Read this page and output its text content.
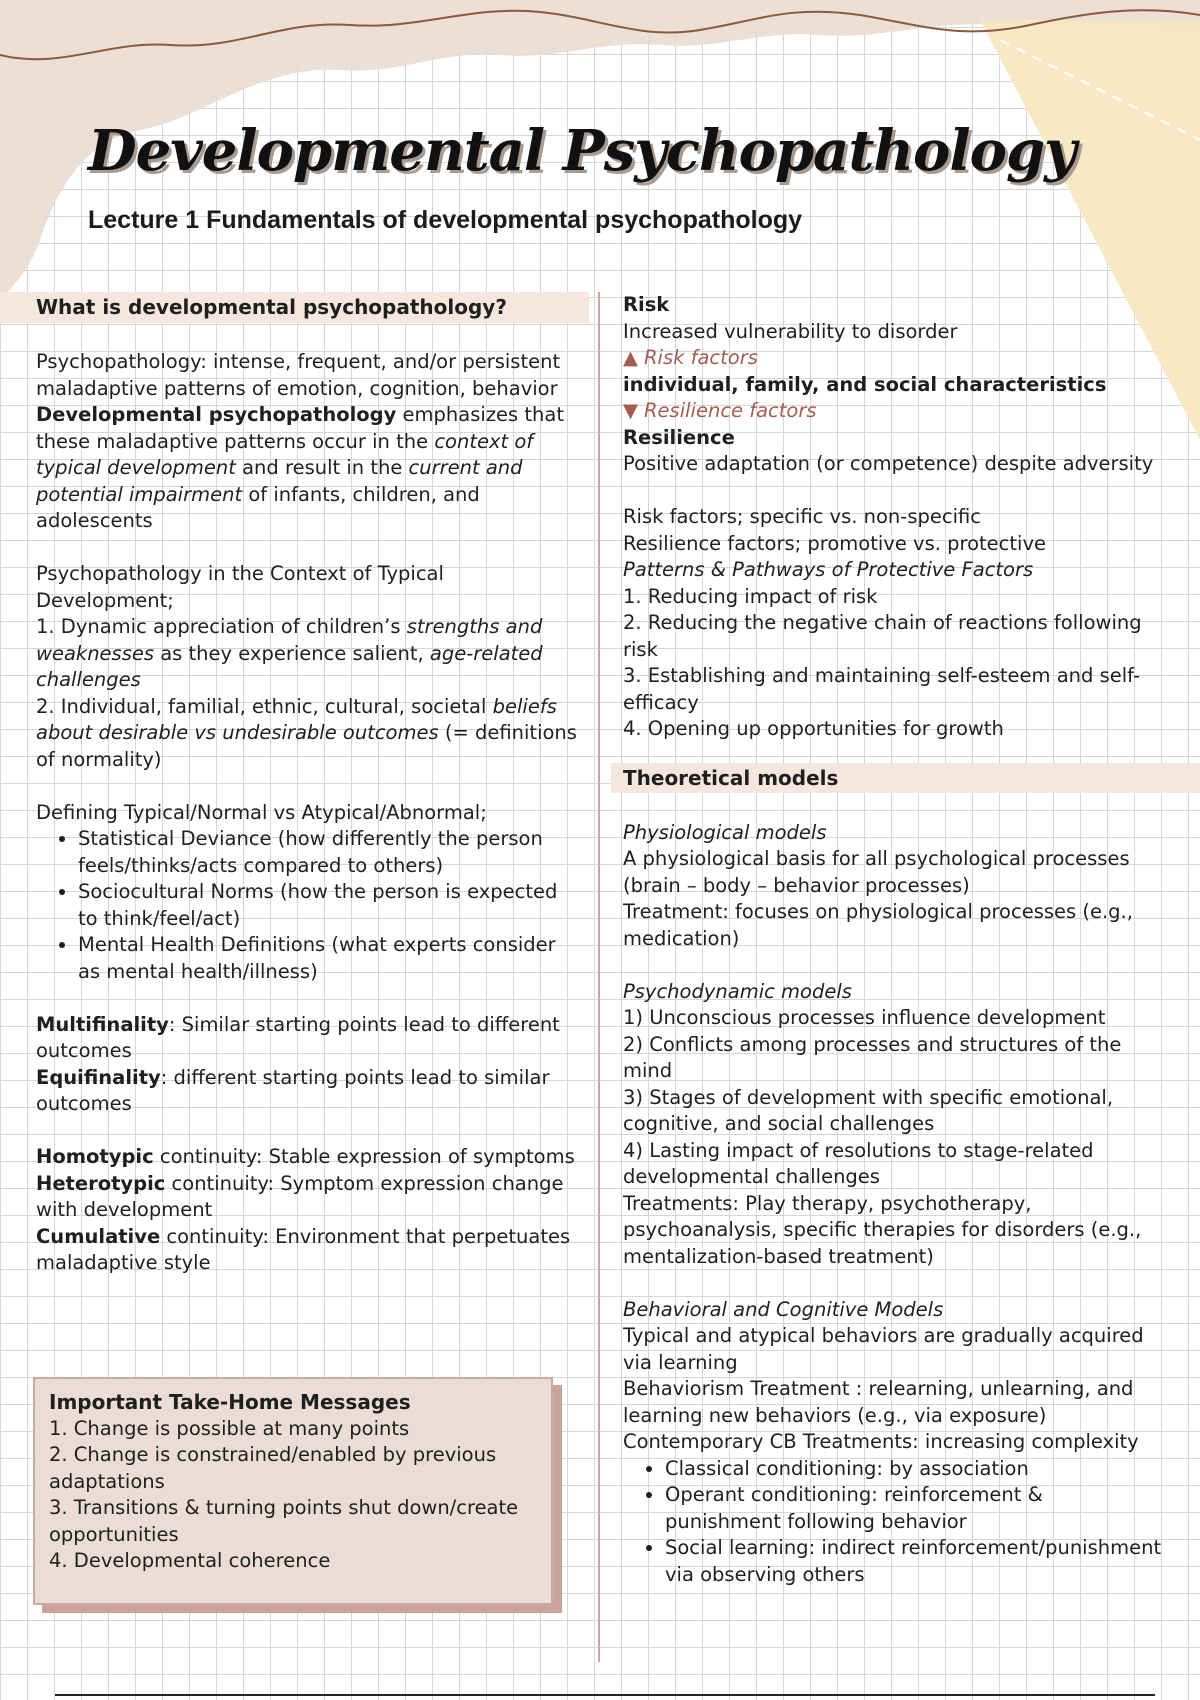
Developmental Psychopathology
Lecture 1 Fundamentals of developmental psychopathology

What is developmental psychopathology?

Psychopathology: intense, frequent, and/or persistent maladaptive patterns of emotion, cognition, behavior

Developmental psychopathology emphasizes that these maladaptive patterns occur in the context of typical development and result in the current and potential impairment of infants, children, and adolescents

Psychopathology in the Context of Typical Development;

1. Dynamic appreciation of children’s strengths and weaknesses as they experience salient, age-related challenges

2. Individual, familial, ethnic, cultural, societal beliefs about desirable vs undesirable outcomes (= definitions of normality)

Defining Typical/Normal vs Atypical/Abnormal;

• Statistical Deviance (how differently the person feels/thinks/acts compared to others)
• Sociocultural Norms (how the person is expected to think/feel/act)
• Mental Health Definitions (what experts consider as mental health/illness)

Multifinality: Similar starting points lead to different outcomes

Equifinality: different starting points lead to similar outcomes

Homotypic continuity: Stable expression of symptoms

Heterotypic continuity: Symptom expression change with development

Cumulative continuity: Environment that perpetuates maladaptive style

Important Take-Home Messages
1. Change is possible at many points
2. Change is constrained/enabled by previous adaptations
3. Transitions & turning points shut down/create opportunities
4. Developmental coherence

Risk

Increased vulnerability to disorder

▲ Risk factors

individual, family, and social characteristics

▼ Resilience factors

Resilience

Positive adaptation (or competence) despite adversity

Risk factors; specific vs. non-specific

Resilience factors; promotive vs. protective

Patterns & Pathways of Protective Factors

1. Reducing impact of risk

2. Reducing the negative chain of reactions following risk

3. Establishing and maintaining self-esteem and self-efficacy

4. Opening up opportunities for growth

Theoretical models

Physiological models

A physiological basis for all psychological processes (brain – body – behavior processes)

Treatment: focuses on physiological processes (e.g., medication)

Psychodynamic models

1) Unconscious processes influence development

2) Conflicts among processes and structures of the mind

3) Stages of development with specific emotional, cognitive, and social challenges

4) Lasting impact of resolutions to stage-related developmental challenges

Treatments: Play therapy, psychotherapy, psychoanalysis, specific therapies for disorders (e.g., mentalization-based treatment)

Behavioral and Cognitive Models

Typical and atypical behaviors are gradually acquired via learning

Behaviorism Treatment : relearning, unlearning, and learning new behaviors (e.g., via exposure)

Contemporary CB Treatments: increasing complexity

• Classical conditioning: by association
• Operant conditioning: reinforcement & punishment following behavior
• Social learning: indirect reinforcement/punishment via observing others
